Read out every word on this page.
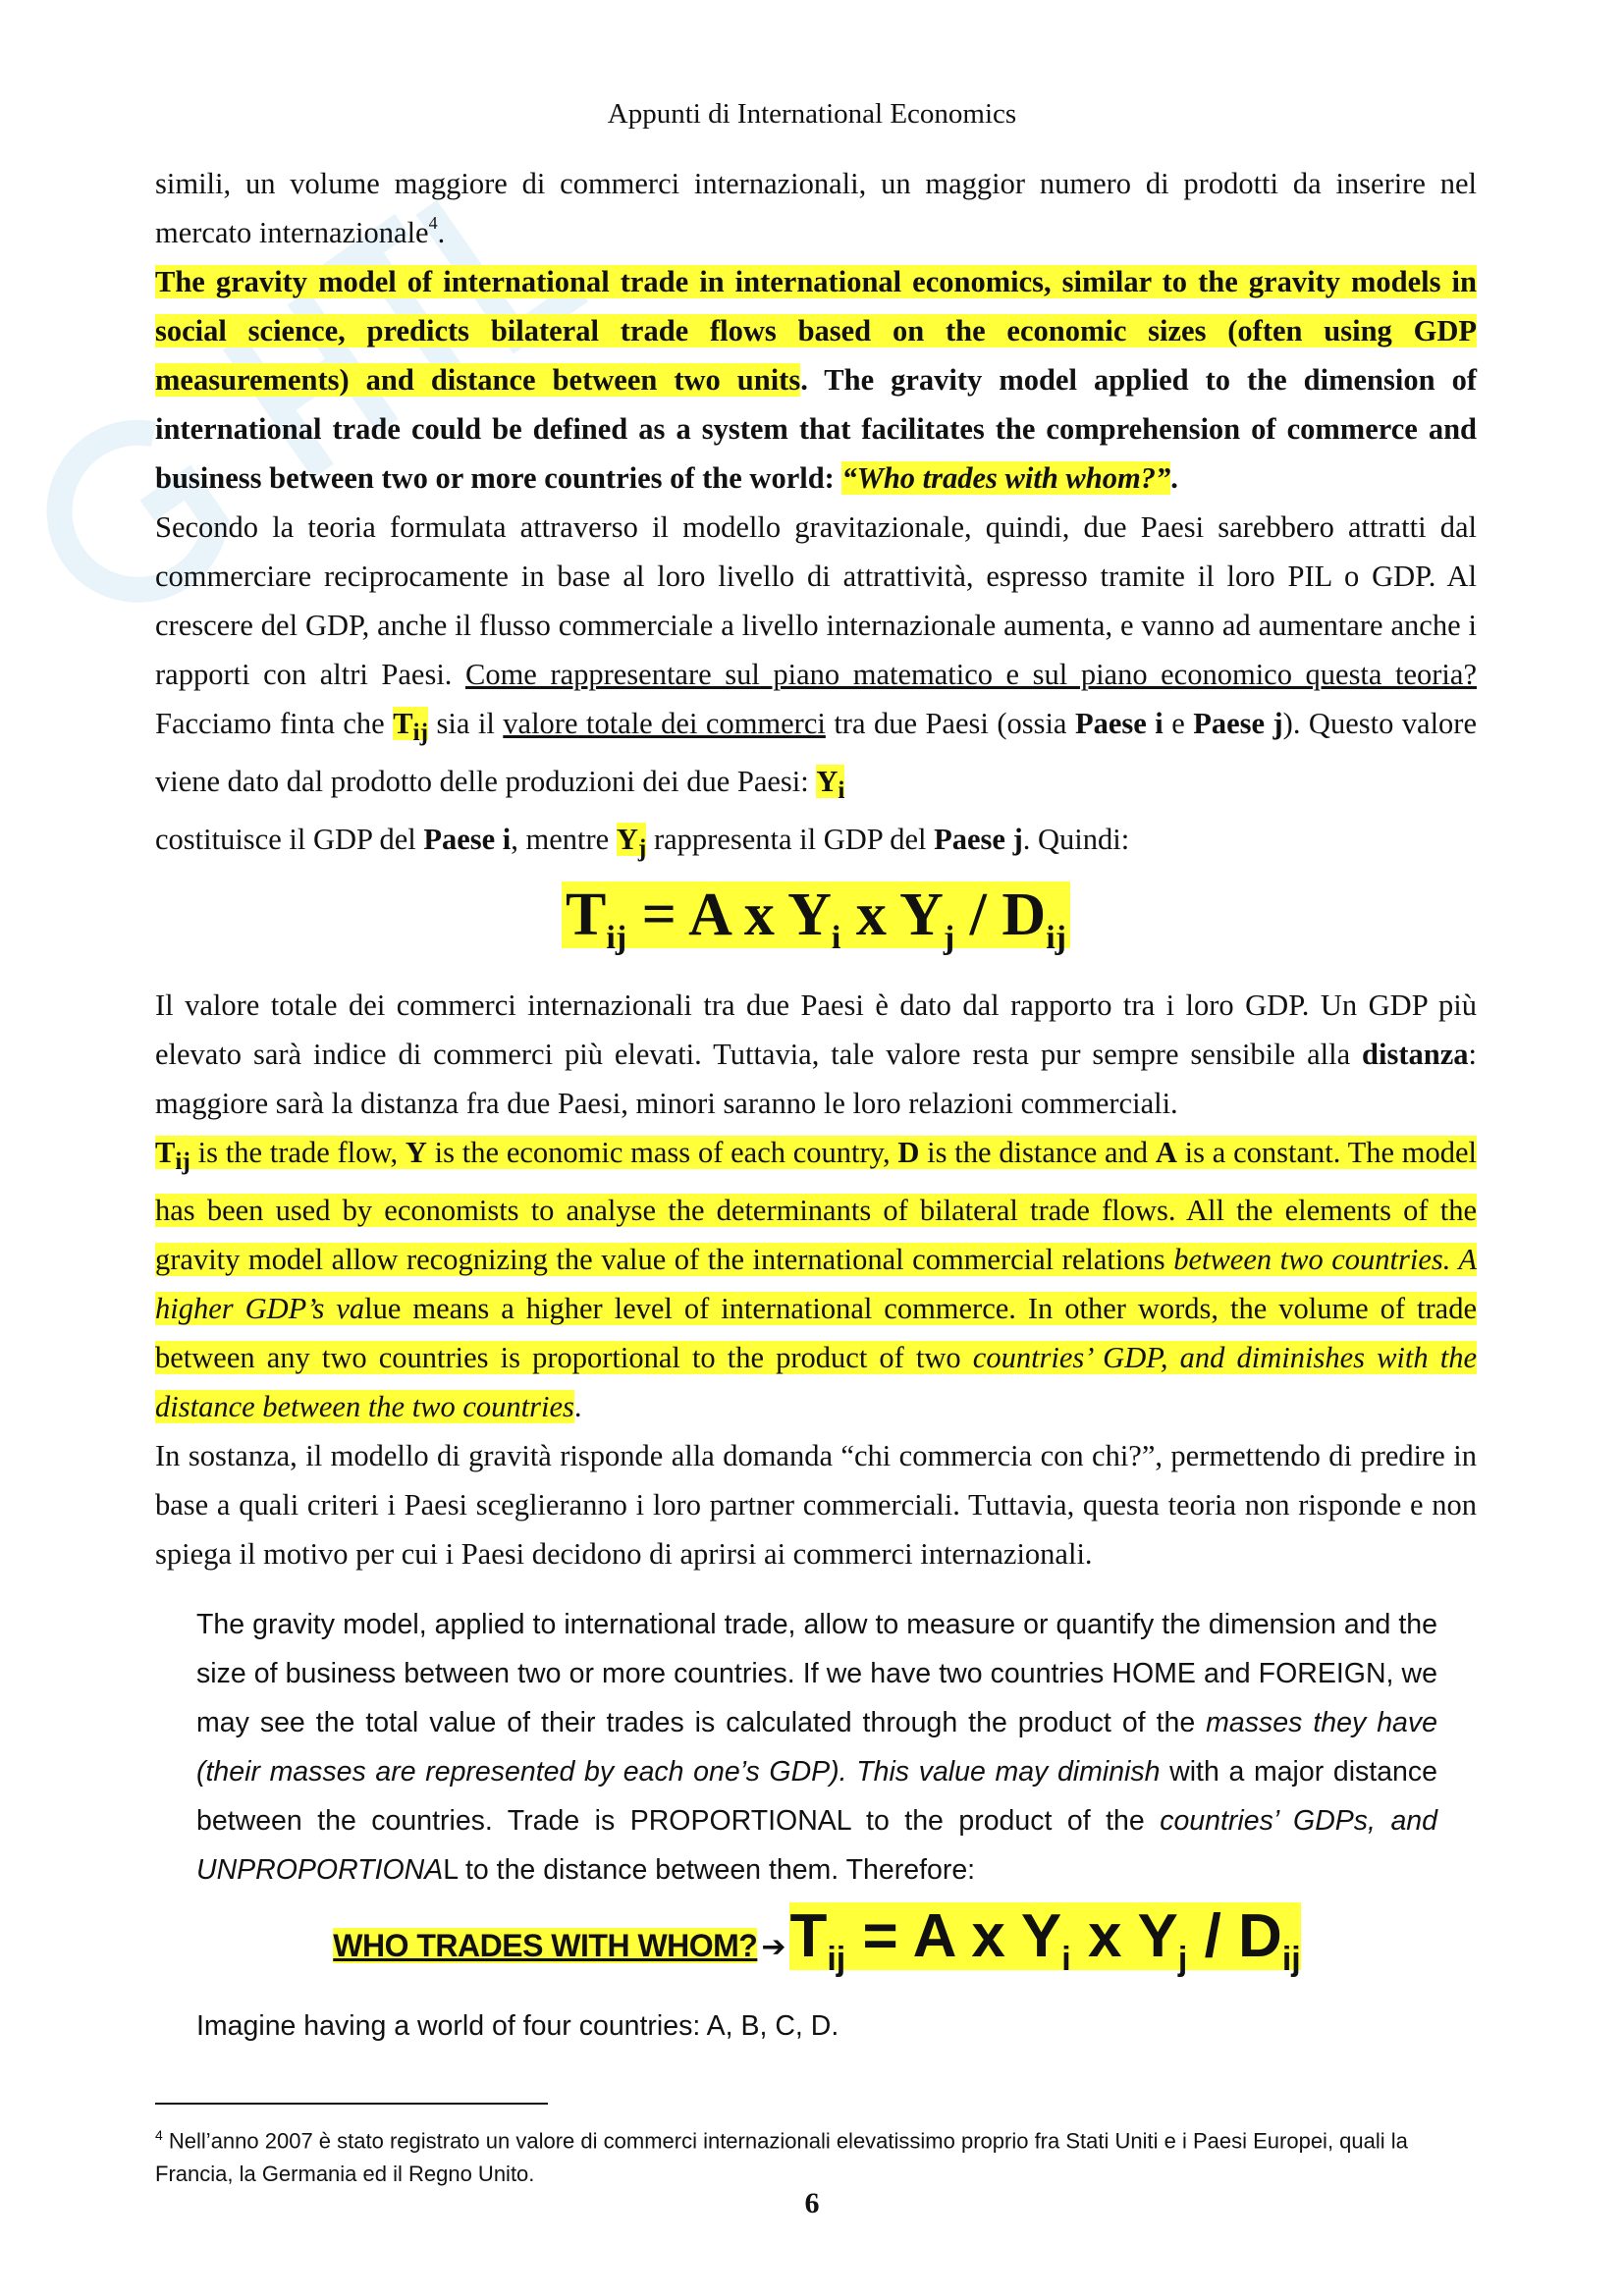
Appunti di International Economics

simili, un volume maggiore di commerci internazionali, un maggior numero di prodotti da inserire nel mercato internazionale$^4$.

The gravity model of international trade in international economics, similar to the gravity models in social science, predicts bilateral trade flows based on the economic sizes (often using GDP measurements) and distance between two units. The gravity model applied to the dimension of international trade could be defined as a system that facilitates the comprehension of commerce and business between two or more countries of the world: “Who trades with whom?”.

Secondo la teoria formulata attraverso il modello gravitazionale, quindi, due Paesi sarebbero attratti dal commerciare reciprocamente in base al loro livello di attrattività, espresso tramite il loro PIL o GDP. Al crescere del GDP, anche il flusso commerciale a livello internazionale aumenta, e vanno ad aumentare anche i rapporti con altri Paesi. Come rappresentare sul piano matematico e sul piano economico questa teoria? Facciamo finta che $T_{ij}$ sia il valore totale dei commerci tra due Paesi (ossia Paese i e Paese j). Questo valore viene dato dal prodotto delle produzioni dei due Paesi: $Y_i$
costituisce il GDP del Paese i, mentre $Y_j$ rappresenta il GDP del Paese j. Quindi:

$T_{ij} = A$ x $Y_i$ x $Y_j / D_{ij}$

Il valore totale dei commerci internazionali tra due Paesi è dato dal rapporto tra i loro GDP. Un GDP più elevato sarà indice di commerci più elevati. Tuttavia, tale valore resta pur sempre sensibile alla distanza: maggiore sarà la distanza fra due Paesi, minori saranno le loro relazioni commerciali.

$T_{ij}$ is the trade flow, Y is the economic mass of each country, D is the distance and A is a constant. The model has been used by economists to analyse the determinants of bilateral trade flows. All the elements of the gravity model allow recognizing the value of the international commercial relations between two countries. A higher GDP’s value means a higher level of international commerce. In other words, the volume of trade between any two countries is proportional to the product of two countries’ GDP, and diminishes with the distance between the two countries.

In sostanza, il modello di gravità risponde alla domanda “chi commercia con chi?”, permettendo di predire in base a quali criteri i Paesi sceglieranno i loro partner commerciali. Tuttavia, questa teoria non risponde e non spiega il motivo per cui i Paesi decidono di aprirsi ai commerci internazionali.

The gravity model, applied to international trade, allow to measure or quantify the dimension and the size of business between two or more countries. If we have two countries HOME and FOREIGN, we may see the total value of their trades is calculated through the product of the masses they have (their masses are represented by each one’s GDP). This value may diminish with a major distance between the countries. Trade is PROPORTIONAL to the product of the countries’ GDPs, and UNPROPORTIONAL to the distance between them. Therefore:

WHO TRADES WITH WHOM? $➔T_{ij} = A$ x $Y_i$ x $Y_j / D_{ij}$

Imagine having a world of four countries: A, B, C, D.

$^4$ Nell’anno 2007 è stato registrato un valore di commerci internazionali elevatissimo proprio fra Stati Uniti e i Paesi Europei, quali la Francia, la Germania ed il Regno Unito.
6
